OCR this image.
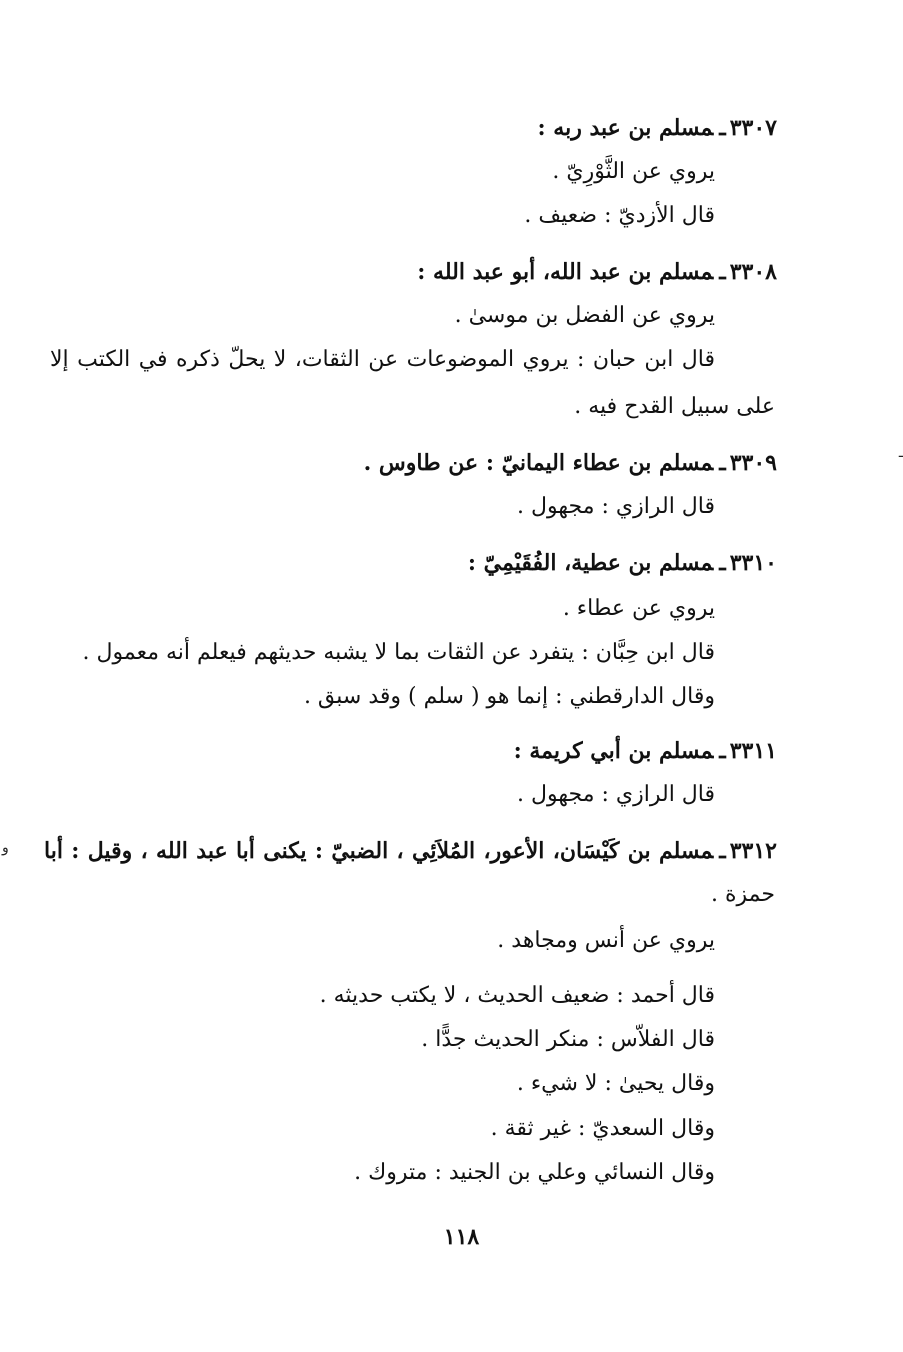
٣٣٠٧ـمسلم بن عبد ربه :
يروي عن الثَّوْرِيّ .
قال الأزديّ : ضعيف .
٣٣٠٨ـمسلم بن عبد الله، أبو عبد الله :
يروي عن الفضل بن موسىٰ .
قال ابن حبان : يروي الموضوعات عن الثقات، لا يحلّ ذكره في الكتب إلا
على سبيل القدح فيه .
٣٣٠٩ـمسلم بن عطاء اليمانيّ : عن طاوس .
قال الرازي : مجهول .
ـ
٣٣١٠ـمسلم بن عطية، الفُقَيْمِيّ :
يروي عن عطاء .
قال ابن حِبَّان : يتفرد عن الثقات بما لا يشبه حديثهم فيعلم أنه معمول .
وقال الدارقطني : إنما هو ( سلم ) وقد سبق .
٣٣١١ـمسلم بن أبي كريمة :
قال الرازي : مجهول .
٣٣١٢ـمسلم بن كَيْسَان، الأعور، المُلاَئِي ، الضبيّ : يكنى أبا عبد الله ، وقيل : أبا
و
حمزة .
يروي عن أنس ومجاهد .
قال أحمد : ضعيف الحديث ، لا يكتب حديثه .
قال الفلاّس : منكر الحديث جدًّا .
وقال يحيىٰ : لا شيء .
وقال السعديّ : غير ثقة .
وقال النسائي وعلي بن الجنيد : متروك .
١١٨
